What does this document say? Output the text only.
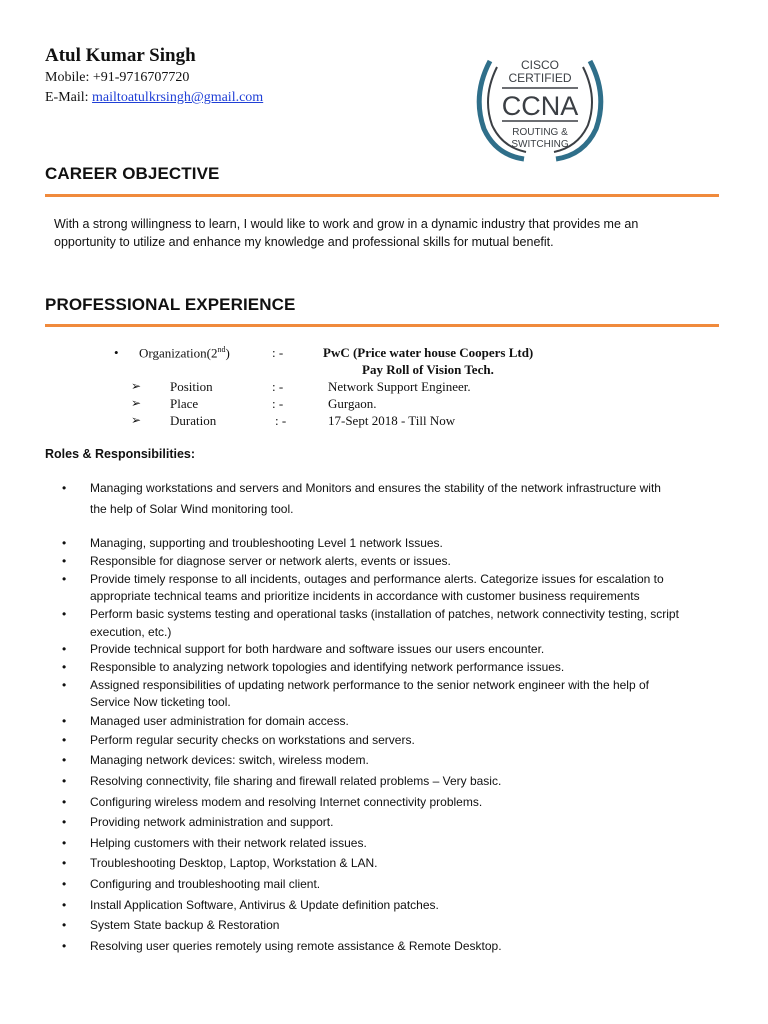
Atul Kumar Singh
Mobile: +91-9716707720
E-Mail: mailtoatulkrsingh@gmail.com
CISCO
CERTIFIED
CCNA
ROUTING &
SWITCHING
CAREER OBJECTIVE
With a strong willingness to learn, I would like to work and grow in a dynamic industry that provides me an
opportunity to utilize and enhance my knowledge and professional skills for mutual benefit.
PROFESSIONAL EXPERIENCE
• Organization(2nd)	: -	PwC (Price water house Coopers Ltd)
Pay Roll of Vision Tech.
➢ Position	: -	Network Support Engineer.
➢ Place	: -	Gurgaon.
➢ Duration	: -	17-Sept 2018 - Till Now
Roles & Responsibilities:
• Managing workstations and servers and Monitors and ensures the stability of the network infrastructure with
the help of Solar Wind monitoring tool.
• Managing, supporting and troubleshooting Level 1 network Issues.
• Responsible for diagnose server or network alerts, events or issues.
• Provide timely response to all incidents, outages and performance alerts. Categorize issues for escalation to
appropriate technical teams and prioritize incidents in accordance with customer business requirements
• Perform basic systems testing and operational tasks (installation of patches, network connectivity testing, script
execution, etc.)
• Provide technical support for both hardware and software issues our users encounter.
• Responsible to analyzing network topologies and identifying network performance issues.
• Assigned responsibilities of updating network performance to the senior network engineer with the help of
Service Now ticketing tool.
• Managed user administration for domain access.
• Perform regular security checks on workstations and servers.
• Managing network devices: switch, wireless modem.
• Resolving connectivity, file sharing and firewall related problems – Very basic.
• Configuring wireless modem and resolving Internet connectivity problems.
• Providing network administration and support.
• Helping customers with their network related issues.
• Troubleshooting Desktop, Laptop, Workstation & LAN.
• Configuring and troubleshooting mail client.
• Install Application Software, Antivirus & Update definition patches.
• System State backup & Restoration
• Resolving user queries remotely using remote assistance & Remote Desktop.
